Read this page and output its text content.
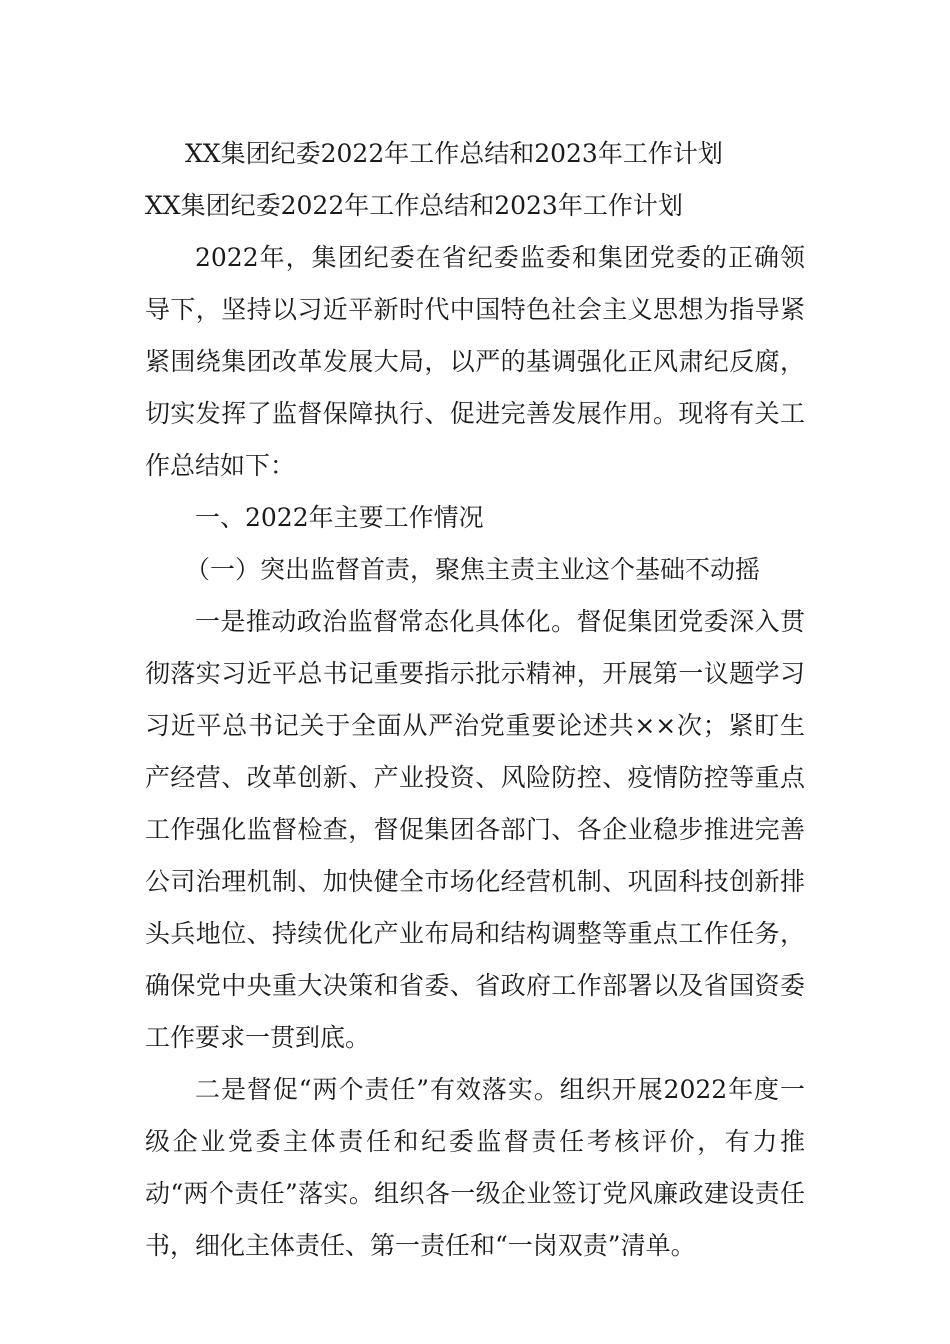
XX集团纪委2022年工作总结和2023年工作计划

XX集团纪委2022年工作总结和2023年工作计划

2022年，集团纪委在省纪委监委和集团党委的正确领导下，坚持以习近平新时代中国特色社会主义思想为指导紧紧围绕集团改革发展大局，以严的基调强化正风肃纪反腐，切实发挥了监督保障执行、促进完善发展作用。现将有关工作总结如下：

一、2022年主要工作情况

（一）突出监督首责，聚焦主责主业这个基础不动摇

一是推动政治监督常态化具体化。督促集团党委深入贯彻落实习近平总书记重要指示批示精神，开展第一议题学习习近平总书记关于全面从严治党重要论述共××次；紧盯生产经营、改革创新、产业投资、风险防控、疫情防控等重点工作强化监督检查，督促集团各部门、各企业稳步推进完善公司治理机制、加快健全市场化经营机制、巩固科技创新排头兵地位、持续优化产业布局和结构调整等重点工作任务，确保党中央重大决策和省委、省政府工作部署以及省国资委工作要求一贯到底。

二是督促“两个责任”有效落实。组织开展2022年度一级企业党委主体责任和纪委监督责任考核评价，有力推动“两个责任”落实。组织各一级企业签订党风廉政建设责任书，细化主体责任、第一责任和“一岗双责”清单。
